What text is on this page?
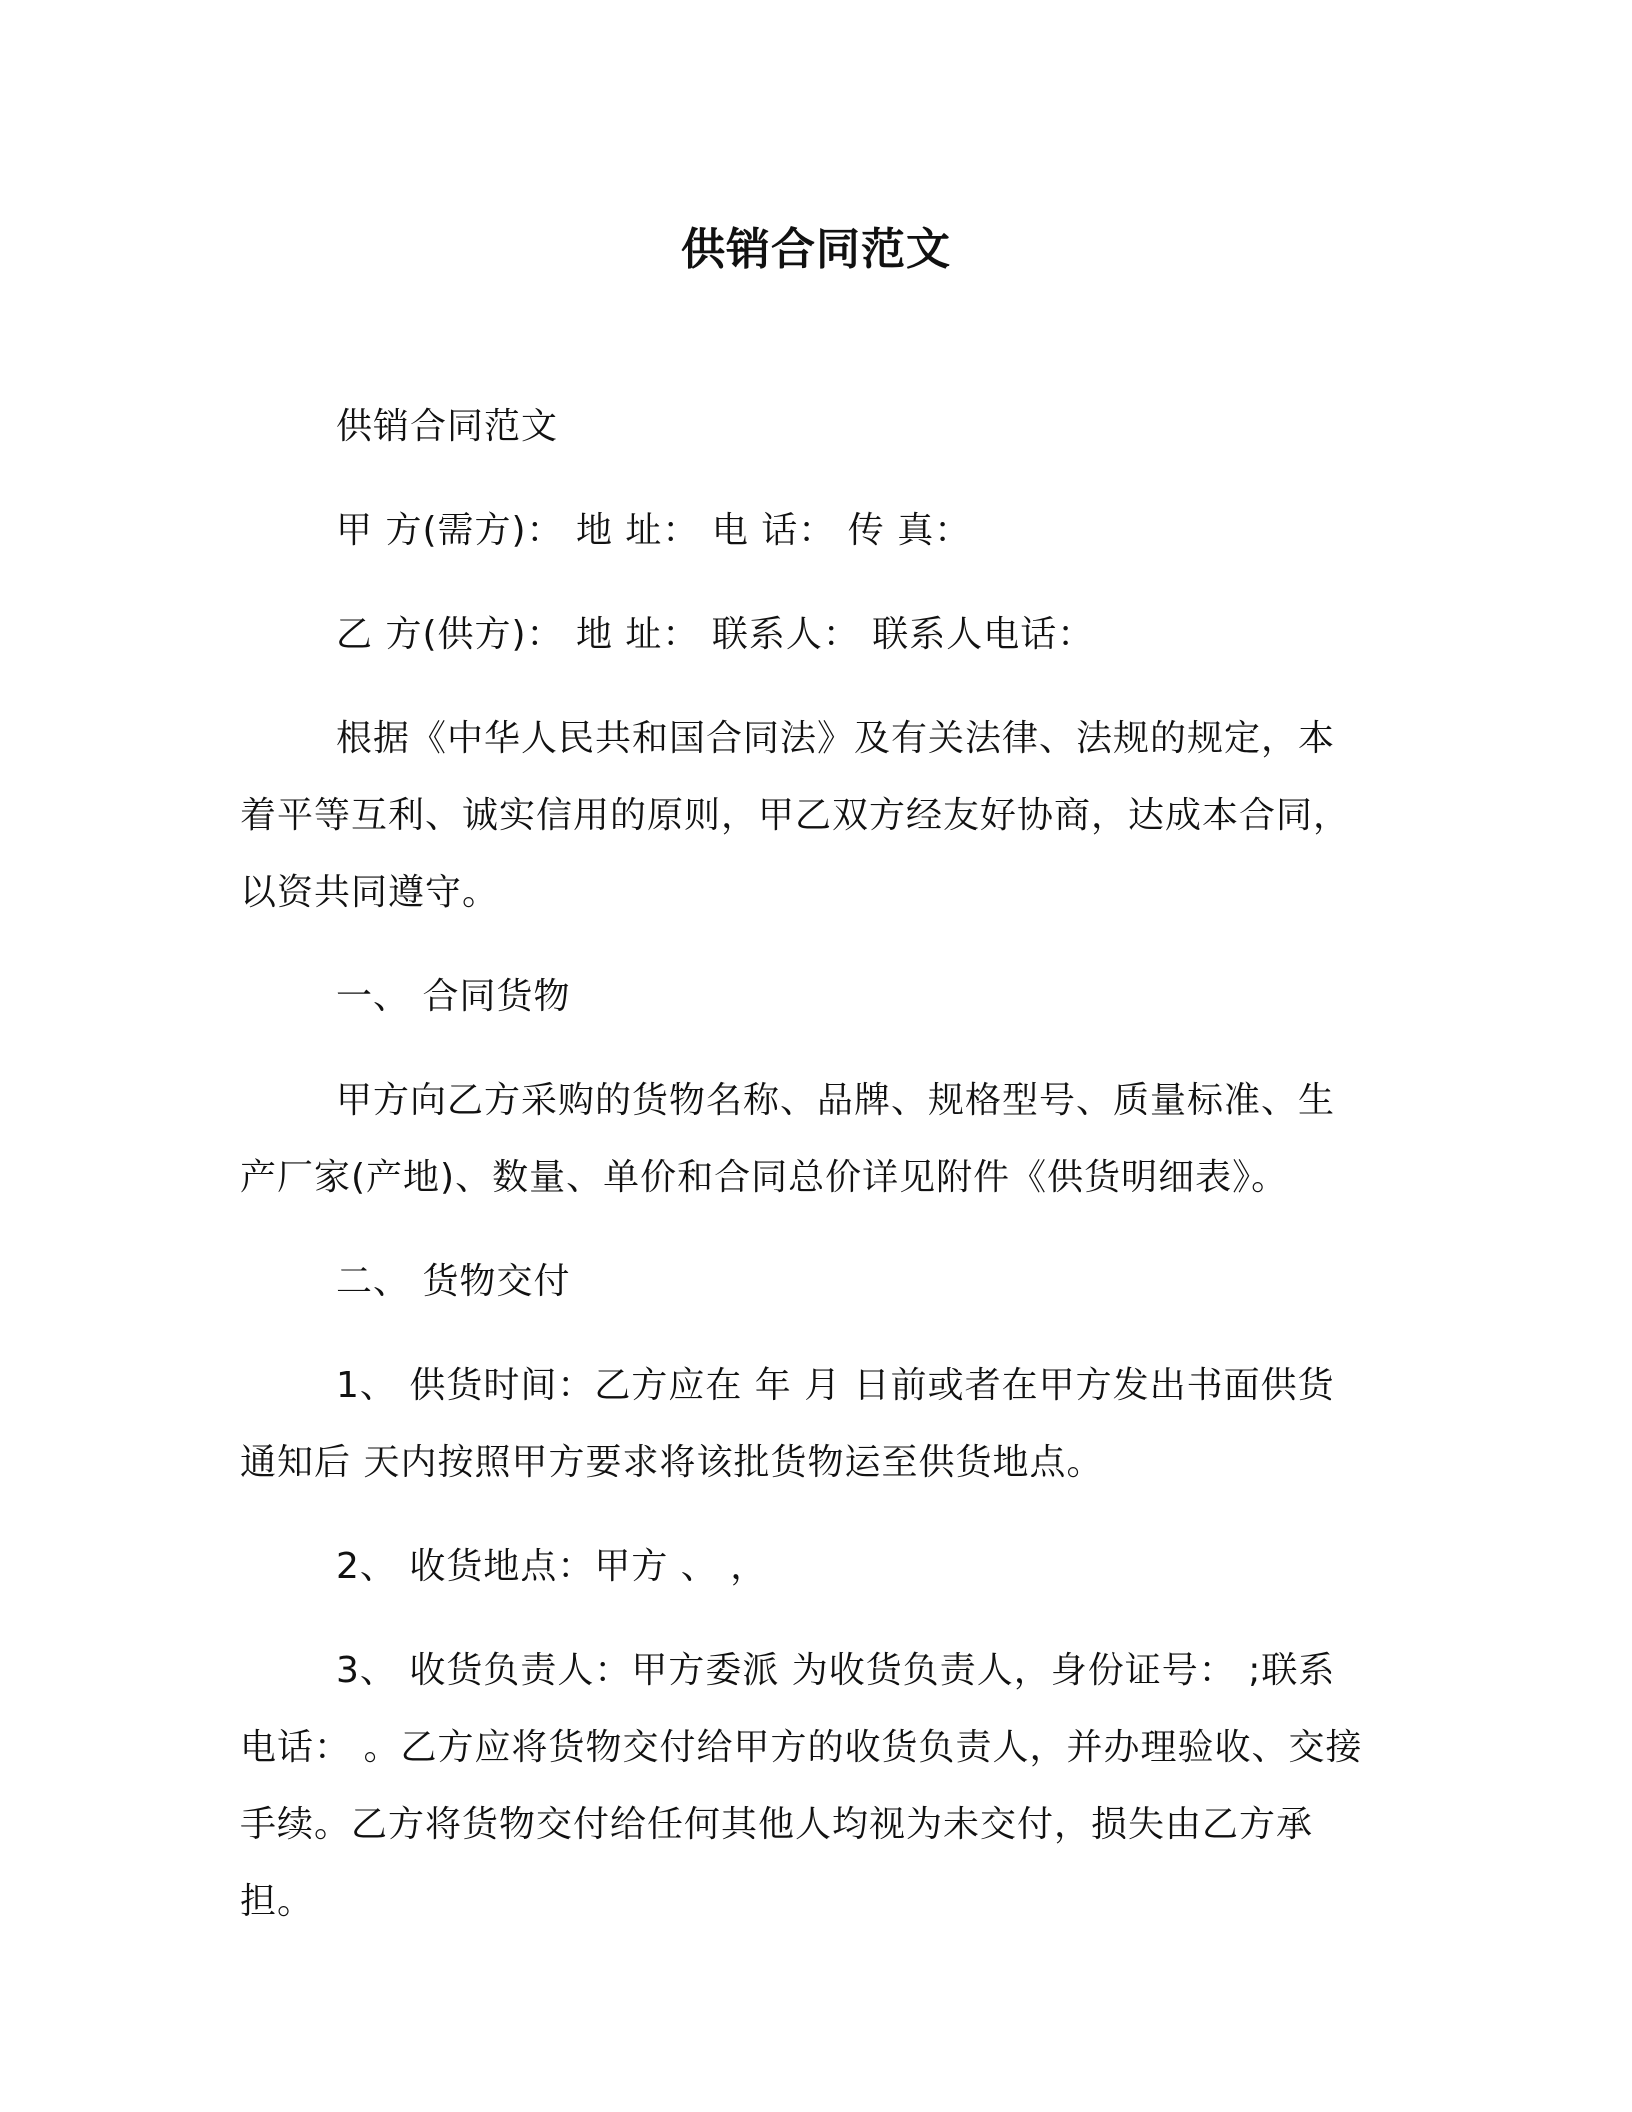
供销合同范文

供销合同范文

甲 方(需方)： 地 址： 电 话： 传 真：

乙 方(供方)： 地 址： 联系人： 联系人电话：

根据《中华人民共和国合同法》及有关法律、法规的规定，本着平等互利、诚实信用的原则，甲乙双方经友好协商，达成本合同，以资共同遵守。

一、 合同货物

甲方向乙方采购的货物名称、品牌、规格型号、质量标准、生产厂家(产地)、数量、单价和合同总价详见附件《供货明细表》。

二、 货物交付

1、 供货时间：乙方应在 年 月 日前或者在甲方发出书面供货通知后 天内按照甲方要求将该批货物运至供货地点。

2、 收货地点：甲方 、 ，

3、 收货负责人：甲方委派 为收货负责人，身份证号： ;联系电话： 。乙方应将货物交付给甲方的收货负责人，并办理验收、交接手续。乙方将货物交付给任何其他人均视为未交付，损失由乙方承担。
